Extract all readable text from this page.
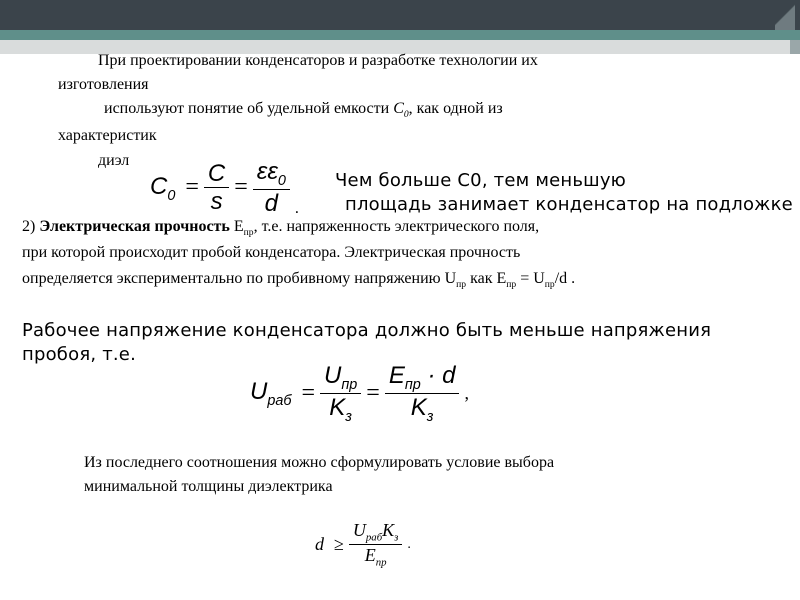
При проектировании конденсаторов и разработке технологии их
изготовления
используют понятие об удельной емкости $C_0$, как одной из
характеристик
диэл
$C_0 = \frac{C}{s} = \frac{\varepsilon\varepsilon_0}{d}$ .
Чем больше C0, тем меньшую
площадь занимает конденсатор на подложке
2) Электрическая прочность $E_{пр}$, т.е. напряженность электрического поля,
при которой происходит пробой конденсатора. Электрическая прочность
определяется экспериментально по пробивному напряжению $U_{пр}$ как $E_{пр} = U_{пр}/d$ .
Рабочее напряжение конденсатора должно быть меньше напряжения
пробоя, т.е.
$U_{раб} = \frac{U_{пр}}{K_з} = \frac{E_{пр} \cdot d}{K_з}$ ,
Из последнего соотношения можно сформулировать условие выбора
минимальной толщины диэлектрика
$d \ge \frac{U_{раб}K_з}{E_{пр}}$ .
